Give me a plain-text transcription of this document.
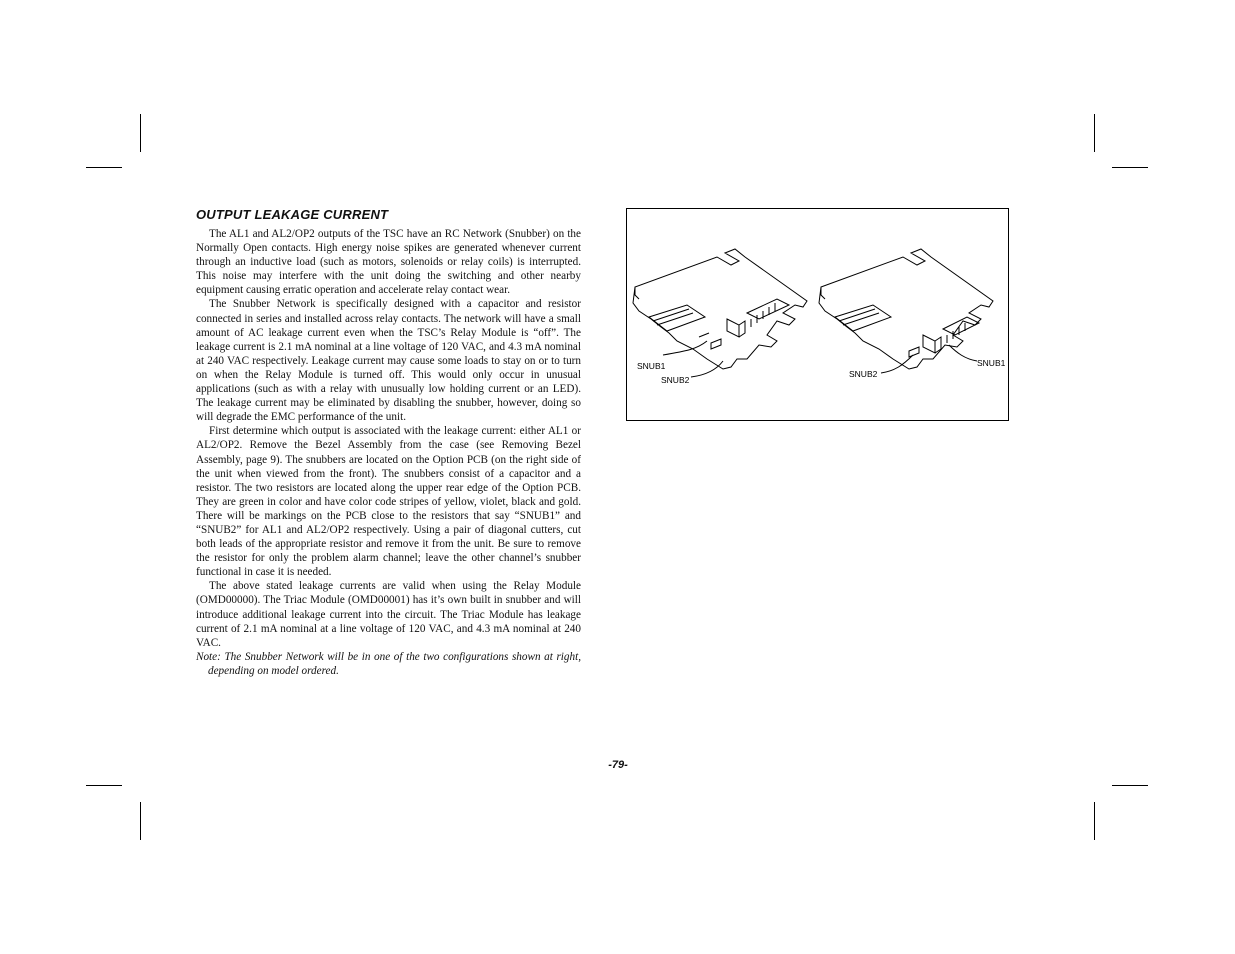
OUTPUT LEAKAGE CURRENT

The AL1 and AL2/OP2 outputs of the TSC have an RC Network (Snubber) on the Normally Open contacts. High energy noise spikes are generated whenever current through an inductive load (such as motors, solenoids or relay coils) is interrupted. This noise may interfere with the unit doing the switching and other nearby equipment causing erratic operation and accelerate relay contact wear.

The Snubber Network is specifically designed with a capacitor and resistor connected in series and installed across relay contacts. The network will have a small amount of AC leakage current even when the TSC’s Relay Module is “off”. The leakage current is 2.1 mA nominal at a line voltage of 120 VAC, and 4.3 mA nominal at 240 VAC respectively. Leakage current may cause some loads to stay on or to turn on when the Relay Module is turned off. This would only occur in unusual applications (such as with a relay with unusually low holding current or an LED). The leakage current may be eliminated by disabling the snubber, however, doing so will degrade the EMC performance of the unit.

First determine which output is associated with the leakage current: either AL1 or AL2/OP2. Remove the Bezel Assembly from the case (see Removing Bezel Assembly, page 9). The snubbers are located on the Option PCB (on the right side of the unit when viewed from the front). The snubbers consist of a capacitor and a resistor. The two resistors are located along the upper rear edge of the Option PCB. They are green in color and have color code stripes of yellow, violet, black and gold. There will be markings on the PCB close to the resistors that say “SNUB1” and “SNUB2” for AL1 and AL2/OP2 respectively. Using a pair of diagonal cutters, cut both leads of the appropriate resistor and remove it from the unit. Be sure to remove the resistor for only the problem alarm channel; leave the other channel’s snubber functional in case it is needed.

The above stated leakage currents are valid when using the Relay Module (OMD00000). The Triac Module (OMD00001) has it’s own built in snubber and will introduce additional leakage current into the circuit. The Triac Module has leakage current of 2.1 mA nominal at a line voltage of 120 VAC, and 4.3 mA nominal at 240 VAC.

Note: The Snubber Network will be in one of the two configurations shown at right, depending on model ordered.

SNUB1
SNUB2
SNUB2
SNUB1
-79-
